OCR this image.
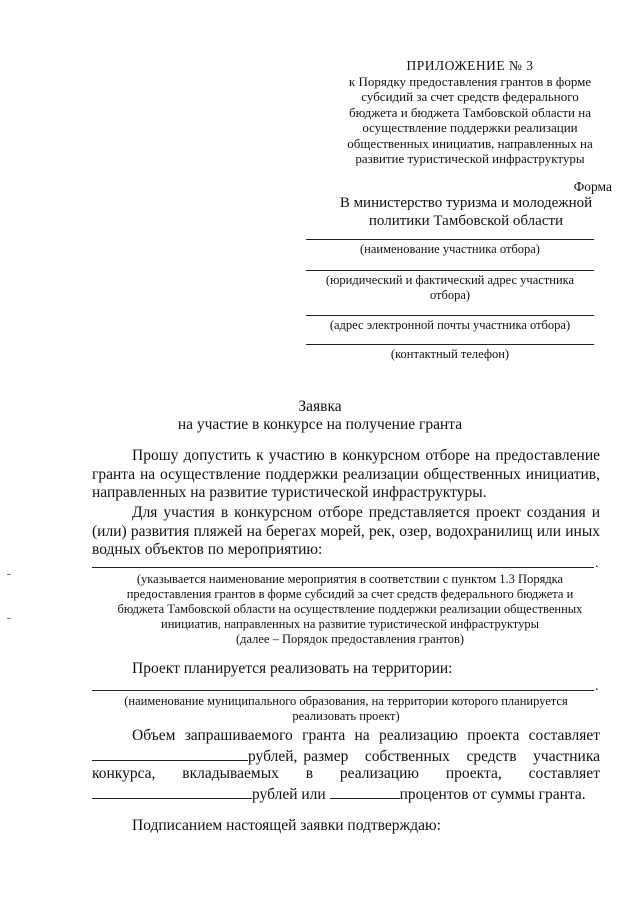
ПРИЛОЖЕНИЕ № 3
к Порядку предоставления грантов в форме
субсидий за счет средств федерального
бюджета и бюджета Тамбовской области на
осуществление поддержки реализации
общественных инициатив, направленных на
развитие туристической инфраструктуры
Форма
В министерство туризма и молодежной
политики Тамбовской области
(наименование участника отбора)
(юридический и фактический адрес участника
отбора)
(адрес электронной почты участника отбора)
(контактный телефон)
Заявка
на участие в конкурсе на получение гранта
Прошу допустить к участию в конкурсном отборе на предоставление гранта на осуществление поддержки реализации общественных инициатив, направленных на развитие туристической инфраструктуры.
Для участия в конкурсном отборе представляется проект создания и (или) развития пляжей на берегах морей, рек, озер, водохранилищ или иных водных объектов по мероприятию:
.
(указывается наименование мероприятия в соответствии с пунктом 1.3 Порядка
предоставления грантов в форме субсидий за счет средств федерального бюджета и
бюджета Тамбовской области на осуществление поддержки реализации общественных
инициатив, направленных на развитие туристической инфраструктуры
(далее – Порядок предоставления грантов)
Проект планируется реализовать на территории:
.
(наименование муниципального образования, на территории которого планируется
реализовать проект)
Объем запрашиваемого гранта на реализацию проекта составляет
рублей, размер собственных средств участника
конкурса, вкладываемых в реализацию проекта, составляет
рублей или	процентов от суммы гранта.
Подписанием настоящей заявки подтверждаю:
